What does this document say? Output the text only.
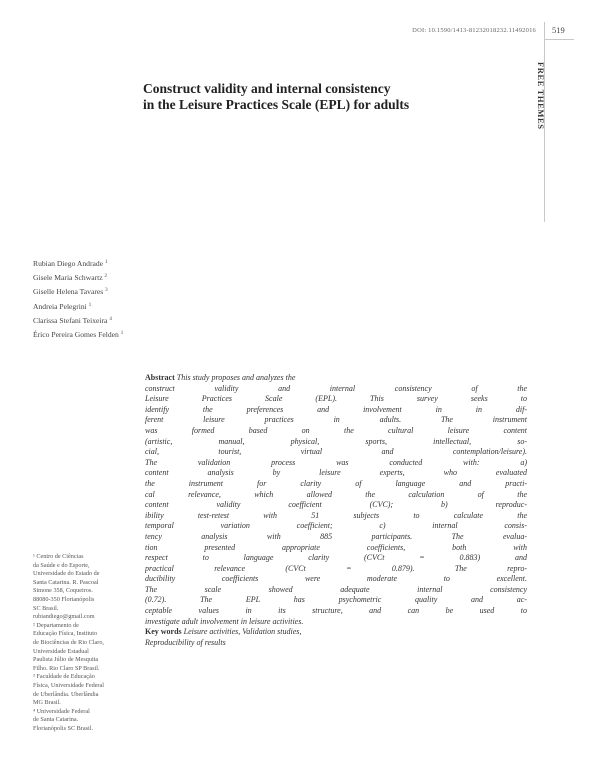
DOI: 10.1590/1413-81232018232.11492016 519
FREE THEMES
Construct validity and internal consistency
in the Leisure Practices Scale (EPL) for adults
Rubian Diego Andrade $^1$
Gisele Maria Schwartz $^2$
Giselle Helena Tavares $^3$
Andreia Pelegrini $^1$
Clarissa Stefani Teixeira $^4$
Érico Pereira Gomes Felden $^1$
¹ Centro de Ciências
da Saúde e do Esporte,
Universidade do Estado de
Santa Catarina. R. Pascoal
Simone 358, Coqueiros.
88080-350 Florianópolis
SC Brasil.
rubiandiego@gmail.com
² Departamento de
Educação Física, Instituto
de Biociências de Rio Claro,
Universidade Estadual
Paulista Júlio de Mesquita
Filho. Rio Claro SP Brasil.
³ Faculdade de Educação
Física, Universidade Federal
de Uberlândia. Uberlândia
MG Brasil.
⁴ Universidade Federal
de Santa Catarina.
Florianópolis SC Brasil.
Abstract This study proposes and analyzes the
construct validity and internal consistency of the
Leisure Practices Scale (EPL). This survey seeks to
identify the preferences and involvement in in dif-
ferent leisure practices in adults. The instrument
was formed based on the cultural leisure content
(artistic, manual, physical, sports, intellectual, so-
cial, tourist, virtual and contemplation/leisure).
The validation process was conducted with: a)
content analysis by leisure experts, who evaluated
the instrument for clarity of language and practi-
cal relevance, which allowed the calculation of the
content validity coefficient (CVC); b) reproduc-
ibility test-retest with 51 subjects to calculate the
temporal variation coefficient; c) internal consis-
tency analysis with 885 participants. The evalua-
tion presented appropriate coefficients, both with
respect to language clarity (CVCt = 0.883) and
practical relevance (CVCt = 0.879). The repro-
ducibility coefficients were moderate to excellent.
The scale showed adequate internal consistency
(0.72). The EPL has psychometric quality and ac-
ceptable values in its structure, and can be used to
investigate adult involvement in leisure activities.
Key words Leisure activities, Validation studies,
Reproducibility of results
